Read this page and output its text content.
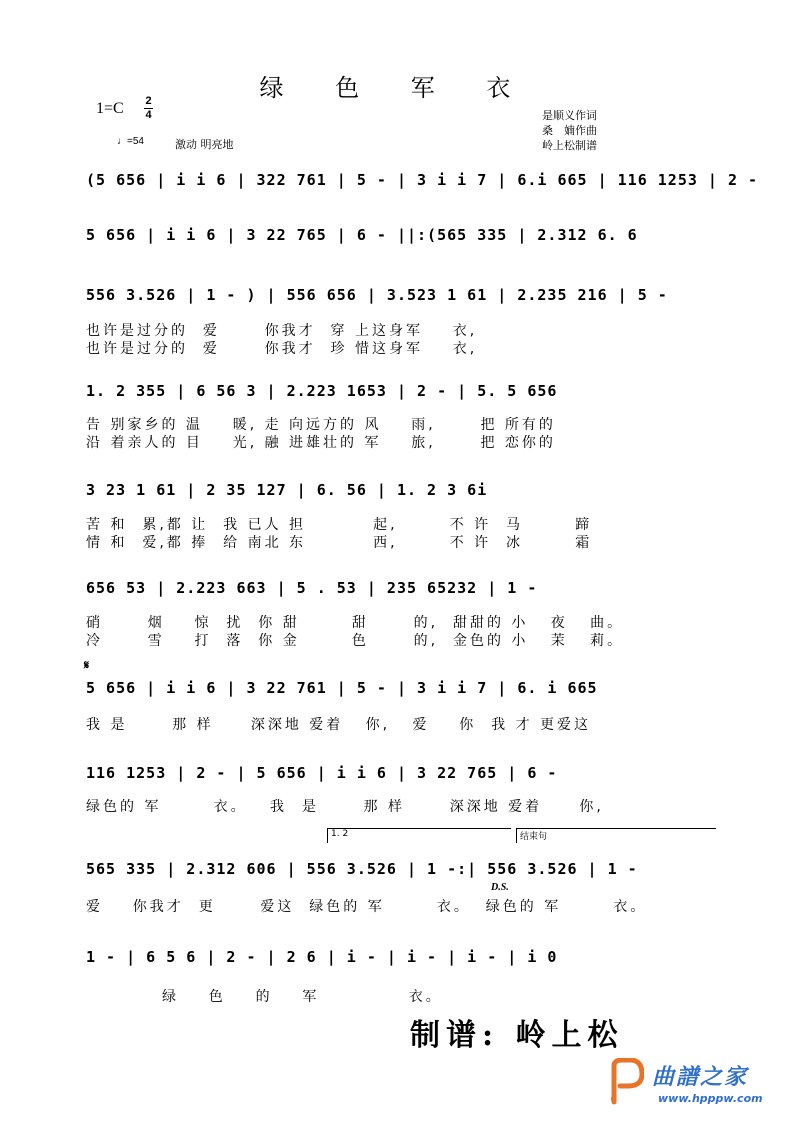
绿 色 军 衣
1=C 2
4
♩=54	激动 明亮地
是顺义作词
桑　婻作曲
岭上松制谱
(5 656 | i i 6 | 322 761 | 5 - | 3 i i 7 | 6.i 665 | 116 1253 | 2 -
5 656 | i i 6 | 3 22 765 | 6 - ||:(565 335 | 2.312 6. 6
556 3.526 | 1 - ) | 556 656 | 3.523 1 61 | 2.235 216 | 5 -
也许是过分的  爱      你我才  穿 上这身军    衣,
也许是过分的  爱      你我才  珍 惜这身军    衣,
1. 2 355 | 6 56 3 | 2.223 1653 | 2 - | 5. 5 656
告 别家乡的 温    暖, 走 向远方的 风    雨,      把 所有的
沿 着亲人的 目    光, 融 进雄壮的 军    旅,      把 恋你的
3 23 1 61 | 2 35 127 | 6. 56 | 1. 2 3 6i
苦 和  累,都 让  我 已人 担         起,       不 许  马       蹄
情 和  爱,都 捧  给 南北 东         西,       不 许  冰       霜
656 53 | 2.223 663 | 5 . 53 | 235 65232 | 1 -
硝      烟    惊  扰  你 甜       甜      的,  甜甜的 小   夜   曲。
冷      雪    打  落  你 金       色      的,  金色的 小   茉   莉。
𝄋
5 656 | i i 6 | 3 22 761 | 5 - | 3 i i 7 | 6. i 665
我 是      那 样     深深地 爱着   你,   爱    你  我 才 更爱这
116 1253 | 2 - | 5 656 | i i 6 | 3 22 765 | 6 -
绿色的 军       衣。   我  是      那 样      深深地 爱着     你,
1. 2	结束句
565 335 | 2.312 606 | 556 3.526 | 1 -:| 556 3.526 | 1 -
D.S.
爱    你我才  更      爱这  绿色的 军       衣。  绿色的 军       衣。
1 - | 6 5 6 | 2 - | 2 6 | i - | i - | i - | i 0
绿    色    的    军            衣。
制谱: 岭上松
曲譜之家
www.hpppw.com
